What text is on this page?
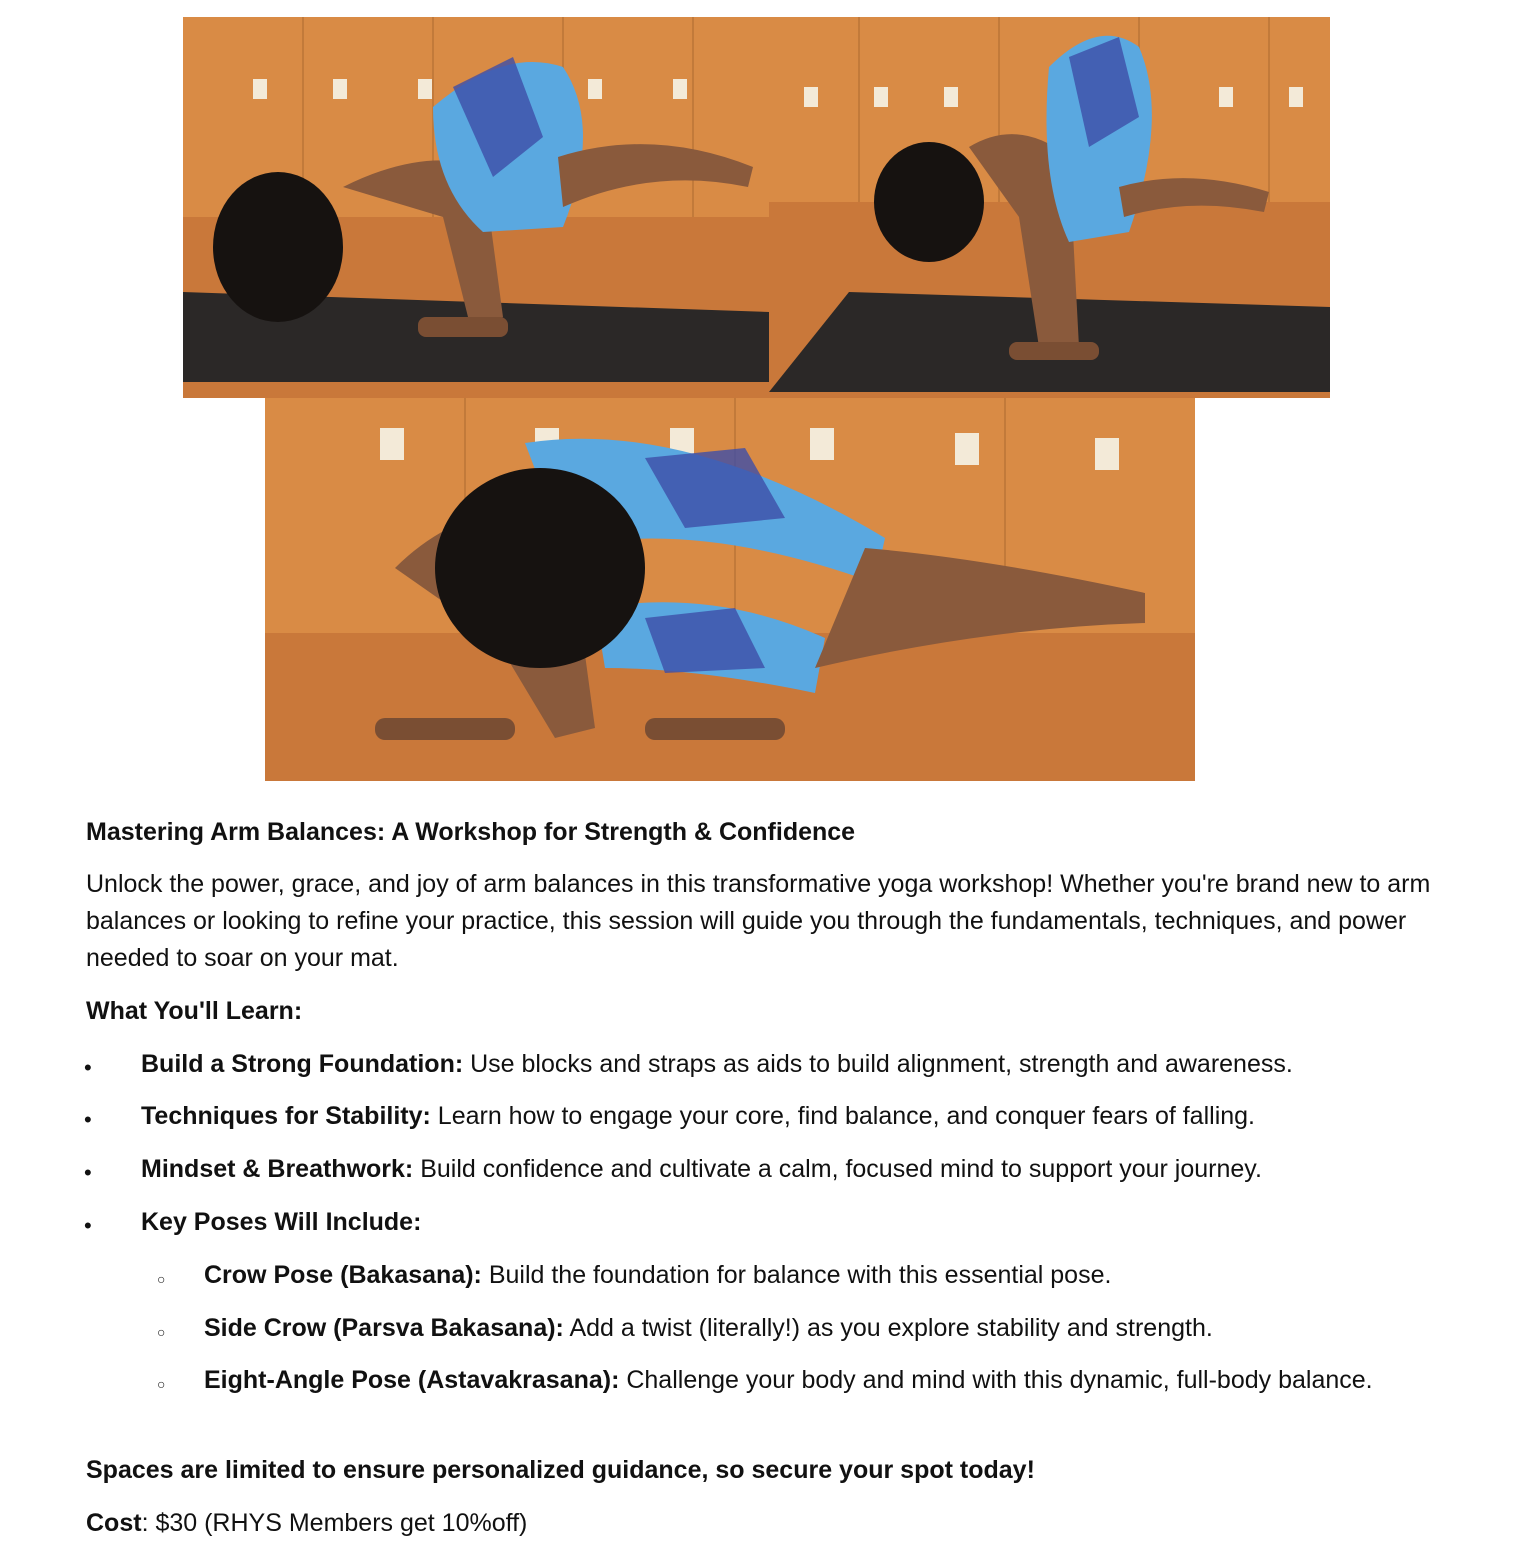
Mastering Arm Balances: A Workshop for Strength & Confidence
Unlock the power, grace, and joy of arm balances in this transformative yoga workshop! Whether you're brand new to arm balances or looking to refine your practice, this session will guide you through the fundamentals, techniques, and power needed to soar on your mat.
What You'll Learn:
• Build a Strong Foundation: Use blocks and straps as aids to build alignment, strength and awareness.
• Techniques for Stability: Learn how to engage your core, find balance, and conquer fears of falling.
• Mindset & Breathwork: Build confidence and cultivate a calm, focused mind to support your journey.
• Key Poses Will Include:
○ Crow Pose (Bakasana): Build the foundation for balance with this essential pose.
○ Side Crow (Parsva Bakasana): Add a twist (literally!) as you explore stability and strength.
○ Eight-Angle Pose (Astavakrasana): Challenge your body and mind with this dynamic, full-body balance.
Spaces are limited to ensure personalized guidance, so secure your spot today!
Cost: $30 (RHYS Members get 10%off)
